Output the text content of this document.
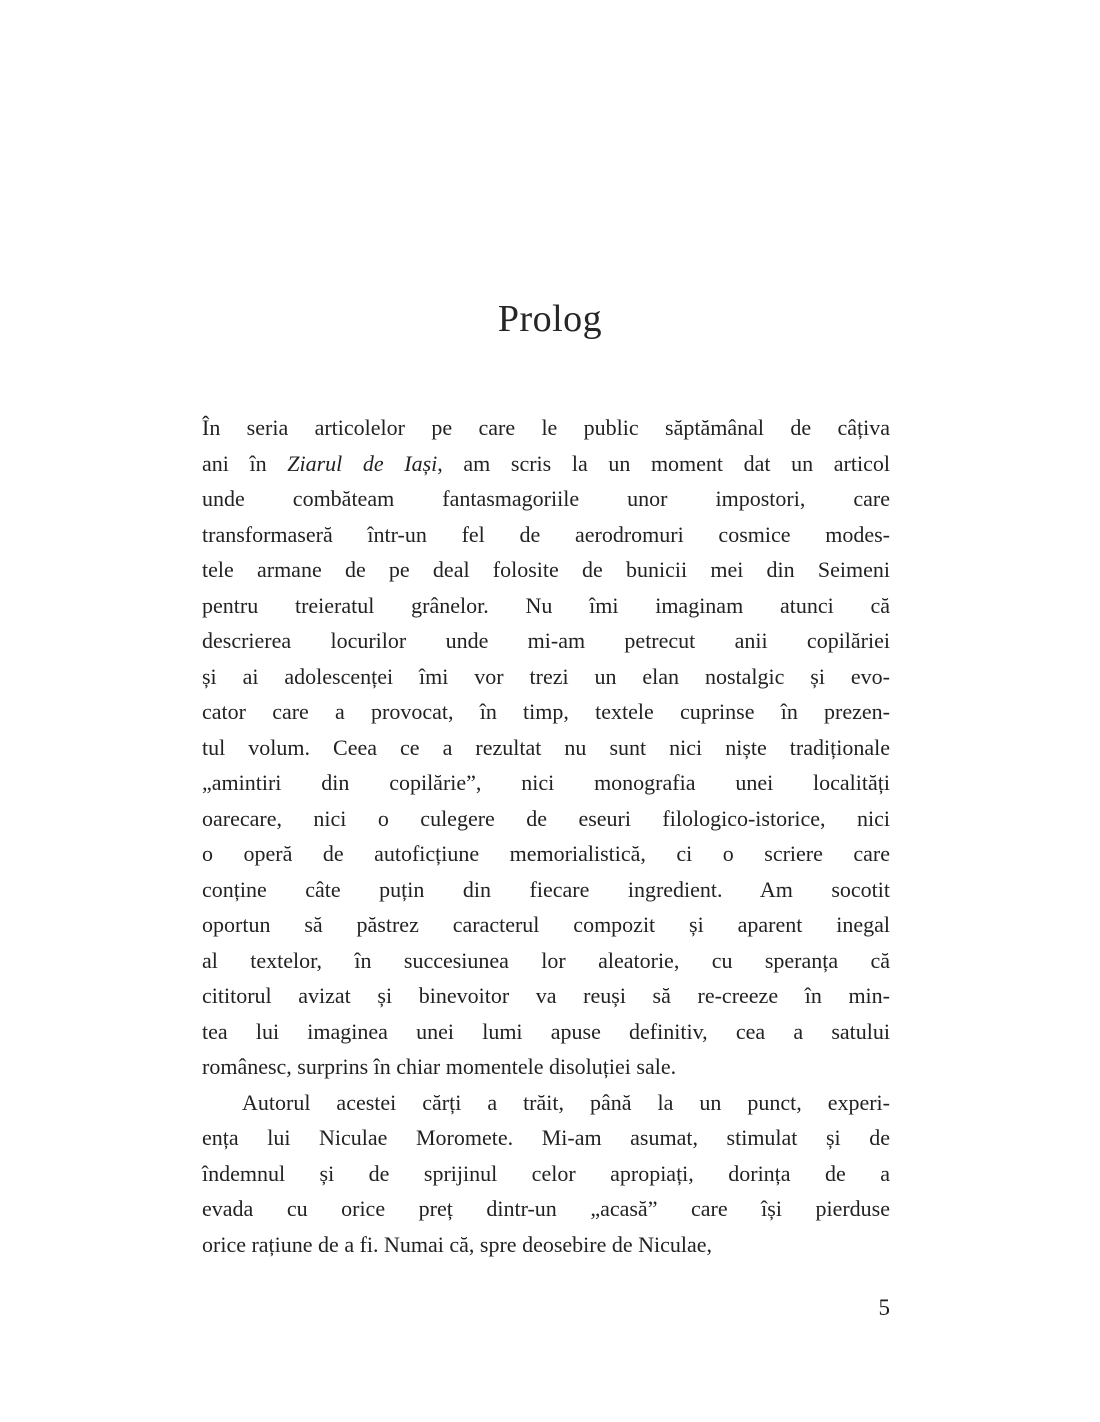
Prolog
În seria articolelor pe care le public săptămânal de câțiva
ani în Ziarul de Iași, am scris la un moment dat un articol
unde combăteam fantasmagoriile unor impostori, care
transformaseră într-un fel de aerodromuri cosmice modes-
tele armane de pe deal folosite de bunicii mei din Seimeni
pentru treieratul grânelor. Nu îmi imaginam atunci că
descrierea locurilor unde mi-am petrecut anii copilăriei
și ai adolescenței îmi vor trezi un elan nostalgic și evo-
cator care a provocat, în timp, textele cuprinse în prezen-
tul volum. Ceea ce a rezultat nu sunt nici niște tradiționale
„amintiri din copilărie”, nici monografia unei localități
oarecare, nici o culegere de eseuri filologico-istorice, nici
o operă de autoficțiune memorialistică, ci o scriere care
conține câte puțin din fiecare ingredient. Am socotit
oportun să păstrez caracterul compozit și aparent inegal
al textelor, în succesiunea lor aleatorie, cu speranța că
cititorul avizat și binevoitor va reuși să re-creeze în min-
tea lui imaginea unei lumi apuse definitiv, cea a satului
românesc, surprins în chiar momentele disoluției sale.
Autorul acestei cărți a trăit, până la un punct, experi-
ența lui Niculae Moromete. Mi-am asumat, stimulat și de
îndemnul și de sprijinul celor apropiați, dorința de a
evada cu orice preț dintr-un „acasă” care își pierduse
orice rațiune de a fi. Numai că, spre deosebire de Niculae,
5
